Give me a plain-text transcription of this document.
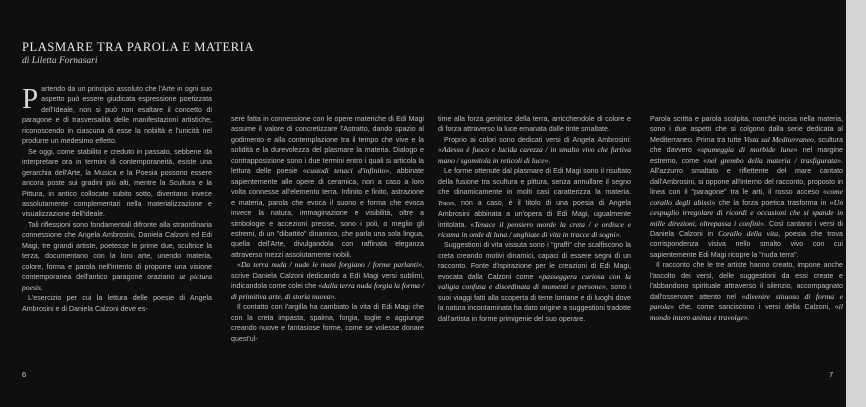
PLASMARE TRA PAROLA E MATERIA
di Liletta Fornasari

Partendo da un principio assoluto che l'Arte in ogni suo aspetto può essere giudicata espressione poetizzata dell'Ideale, non si può non esaltare il concetto di paragone e di trasversalità delle manifestazioni artistiche, riconoscendo in ciascuna di esse la nobiltà e l'unicità nel produrre un medesimo effetto.

Se oggi, come stabilito e creduto in passato, sebbene da interpretare ora in termini di contemporaneità, esiste una gerarchia dell'Arte, la Musica e la Poesia possono essere ancora poste sui gradini più alti, mentre la Scultura e la Pittura, in antico collocate subito sotto, diventano invece assolutamente complementari nella materializzazione e visualizzazione dell'ideale.

Tali riflessioni sono fondamentali difronte alla straordinaria connessione che Angela Ambrosini, Daniela Calzoni ed Edi Magi, tre grandi artiste, poetesse le prime due, scultrice la terza, documentano con la loro arte, unendo materia, colore, forma e parola nell'intento di proporre una visione contemporanea dell'antico paragone oraziano ut pictura poesis.

L'esercizio per cui la lettura delle poesie di Angela Ambrosini e di Daniela Calzoni deve es-

sere fatta in connessione con le opere materiche di Edi Magi assume il valore di concretizzare l'Astratto, dando spazio al godimento e alla contemplazione tra il tempo che vive e la solidità e la durevolezza del plasmare la materia. Dialogo e contrapposizione sono i due termini entro i quali si articola la lettura delle poesie «custodi tenaci d'infinito», abbinate sapientemente alle opere di ceramica, non a caso a loro volta connesse all'elemento terra. Infinito e finito, astrazione e materia, parola che evoca il suono e forma che evoca invece la natura, immaginazione e visibilità, oltre a simbologie e accezioni precise, sono i poli, o meglio gli estremi, di un "dibattito" dinamico, che parla una sola lingua, quella dell'Arte, divulgandola con raffinata eleganza attraverso mezzi assolutamente nobili.

«Da terra nuda / nude le mani forgiano / forme parlanti», scrive Daniela Calzoni dedicando a Edi Magi versi sublimi, indicandola come colei che «dalla terra nuda forgia la forma / di primitiva arte, di storia nuova».

Il contatto con l'argilla ha cambiato la vita di Edi Magi che con la creta impasta, spalma, forgia, toglie e aggiunge creando nuove e fantasiose forme, come se volesse donare quest'ul-

time alla forza genitrice della terra, arricchendole di colore e di forza attraverso la luce emanata dalle tinte smaltate.

Proprio ai colori sono dedicati versi di Angela Ambrosini: «Adesso è fuoco e lucida carezza / in smalto vivo che furtiva mano / sgomitola in reticoli di luce».

Le forme ottenute dal plasmare di Edi Magi sono il risultato della fusione tra scultura e pittura, senza annullare il segno che dinamicamente in molti casi caratterizza la materia. Traces, non a caso, è il titolo di una poesia di Angela Ambrosini abbinata a un'opera di Edi Magi, ugualmente intitolata. «Tenace il pensiero morde la creta / e ordisce e ricama in onde di luna / unghiate di vita in tracce di sogni».

Suggestioni di vita vissuta sono i "graffi" che scalfiscono la creta creando motivi dinamici, capaci di essere segni di un racconto. Fonte d'ispirazione per le creazioni di Edi Magi, evocata dalla Calzoni come «passeggera curiosa con la valigia confusa e disordinata di momenti e persone», sono i suoi viaggi fatti alla scoperta di terre lontane e di luoghi dove la natura incontaminata ha dato origine a suggestioni tradotte dall'artista in forme primigenie del suo operare.

Parola scritta e parola scolpita, nonché incisa nella materia, sono i due aspetti che si colgono dalla serie dedicata al Mediterraneo. Prima tra tutte Vista sul Mediterraneo, scultura che davvero «spumeggia di morbide lune» nel margine estremo, come «nel grembo della materia / trasfigurata». All'azzurro smaltato e riflettente del mare cantato dall'Ambrosini, si oppone all'interno del racconto, proposto in linea con il "paragone" tra le arti, il rosso acceso «come corallo degli abissi» che la forza poetica trasforma in «Un cespuglio irregolare di ricordi e occasioni che si spande in mille direzioni, oltrepassa i confini». Così cantano i versi di Daniela Calzoni in Corallo della vita, poesia che trova corrispondenza visiva nello smalto vivo con cui sapientemente Edi Magi ricopre la "nuda terra".

Il racconto che le tre artiste hanno creato, impone anche l'ascolto dei versi, delle suggestioni da essi create e l'abbandono spirituale attraverso il silenzio, accompagnato dall'osservare attento nel «divenire sinuoso di forma e parola» che, come sanciscono i versi della Calzoni, «il mondo intero anima e travolge».

6	7
